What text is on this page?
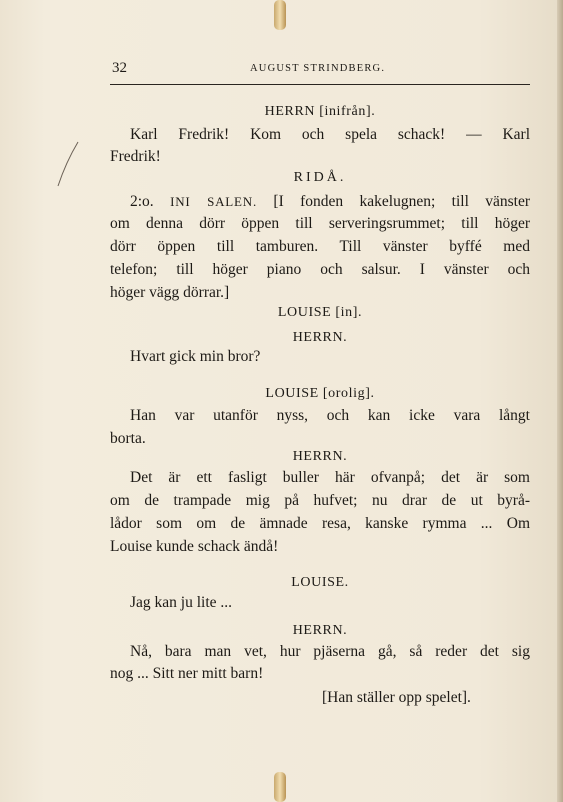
32	AUGUST STRINDBERG.
HERRN [inifrån].
Karl Fredrik! Kom och spela schack! — Karl
Fredrik!
RIDÅ.
2:o. INI SALEN. [I fonden kakelugnen; till vänster
om denna dörr öppen till serveringsrummet; till höger
dörr öppen till tamburen. Till vänster byffé med
telefon; till höger piano och salsur. I vänster och
höger vägg dörrar.]
LOUISE [in].
HERRN.
Hvart gick min bror?
LOUISE [orolig].
Han var utanför nyss, och kan icke vara långt
borta.
HERRN.
Det är ett fasligt buller här ofvanpå; det är som
om de trampade mig på hufvet; nu drar de ut byrå-
lådor som om de ämnade resa, kanske rymma ... Om
Louise kunde schack ändå!
LOUISE.
Jag kan ju lite ...
HERRN.
Nå, bara man vet, hur pjäserna gå, så reder det sig
nog ... Sitt ner mitt barn!
[Han ställer opp spelet].
